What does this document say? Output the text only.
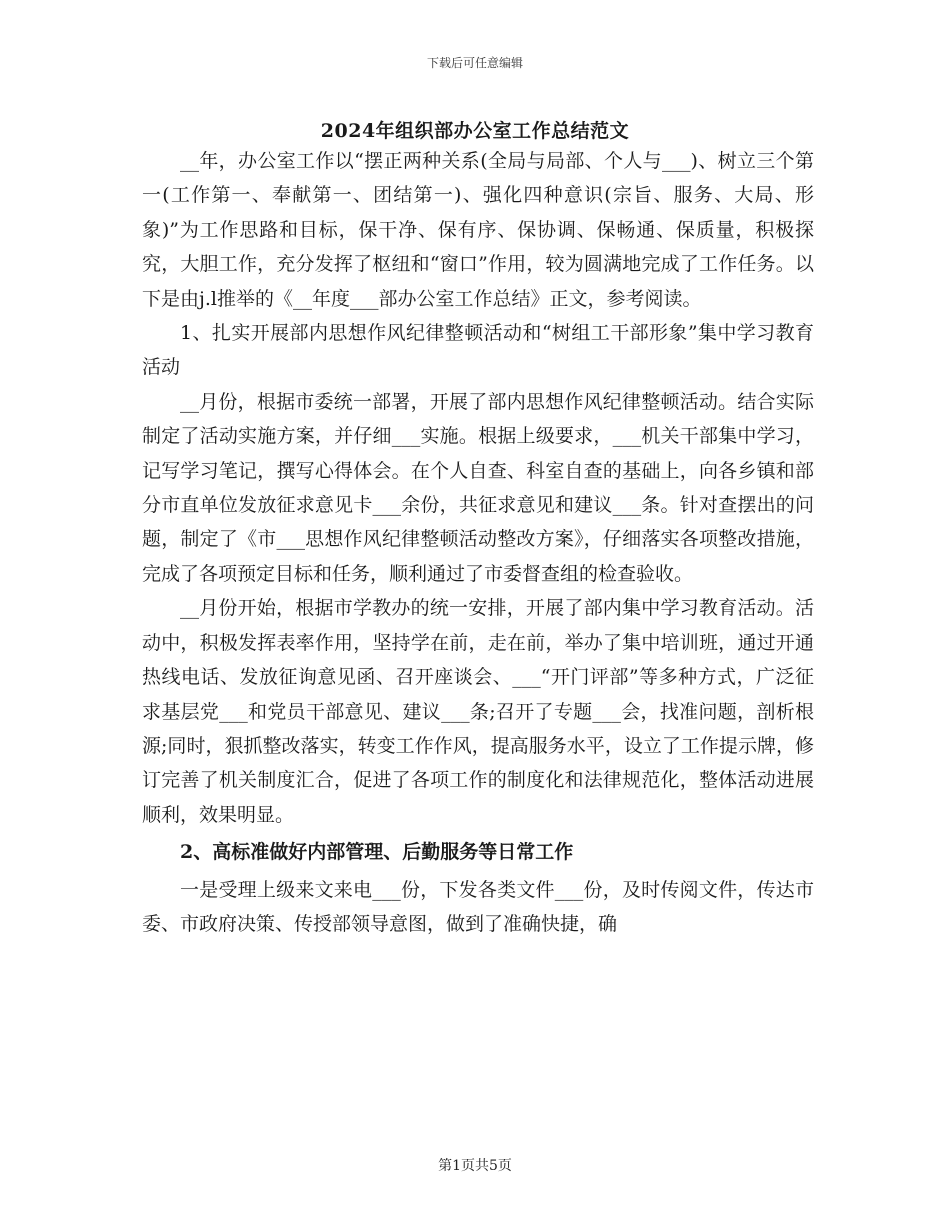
下载后可任意编辑
2024年组织部办公室工作总结范文

__年，办公室工作以“摆正两种关系(全局与局部、个人与___)、树立三个第一(工作第一、奉献第一、团结第一)、强化四种意识(宗旨、服务、大局、形象)”为工作思路和目标，保干净、保有序、保协调、保畅通、保质量，积极探究，大胆工作，充分发挥了枢纽和“窗口”作用，较为圆满地完成了工作任务。以下是由j.l推举的《__年度___部办公室工作总结》正文，参考阅读。

1、扎实开展部内思想作风纪律整顿活动和“树组工干部形象”集中学习教育活动

__月份，根据市委统一部署，开展了部内思想作风纪律整顿活动。结合实际制定了活动实施方案，并仔细___实施。根据上级要求，___机关干部集中学习，记写学习笔记，撰写心得体会。在个人自查、科室自查的基础上，向各乡镇和部分市直单位发放征求意见卡___余份，共征求意见和建议___条。针对查摆出的问题，制定了《市___思想作风纪律整顿活动整改方案》，仔细落实各项整改措施，完成了各项预定目标和任务，顺利通过了市委督查组的检查验收。

__月份开始，根据市学教办的统一安排，开展了部内集中学习教育活动。活动中，积极发挥表率作用，坚持学在前，走在前，举办了集中培训班，通过开通热线电话、发放征询意见函、召开座谈会、___“开门评部”等多种方式，广泛征求基层党___和党员干部意见、建议___条;召开了专题___会，找准问题，剖析根源;同时，狠抓整改落实，转变工作作风，提高服务水平，设立了工作提示牌，修订完善了机关制度汇合，促进了各项工作的制度化和法律规范化，整体活动进展顺利，效果明显。

2、高标准做好内部管理、后勤服务等日常工作

一是受理上级来文来电___份，下发各类文件___份，及时传阅文件，传达市委、市政府决策、传授部领导意图，做到了准确快捷，确

第1页共5页
